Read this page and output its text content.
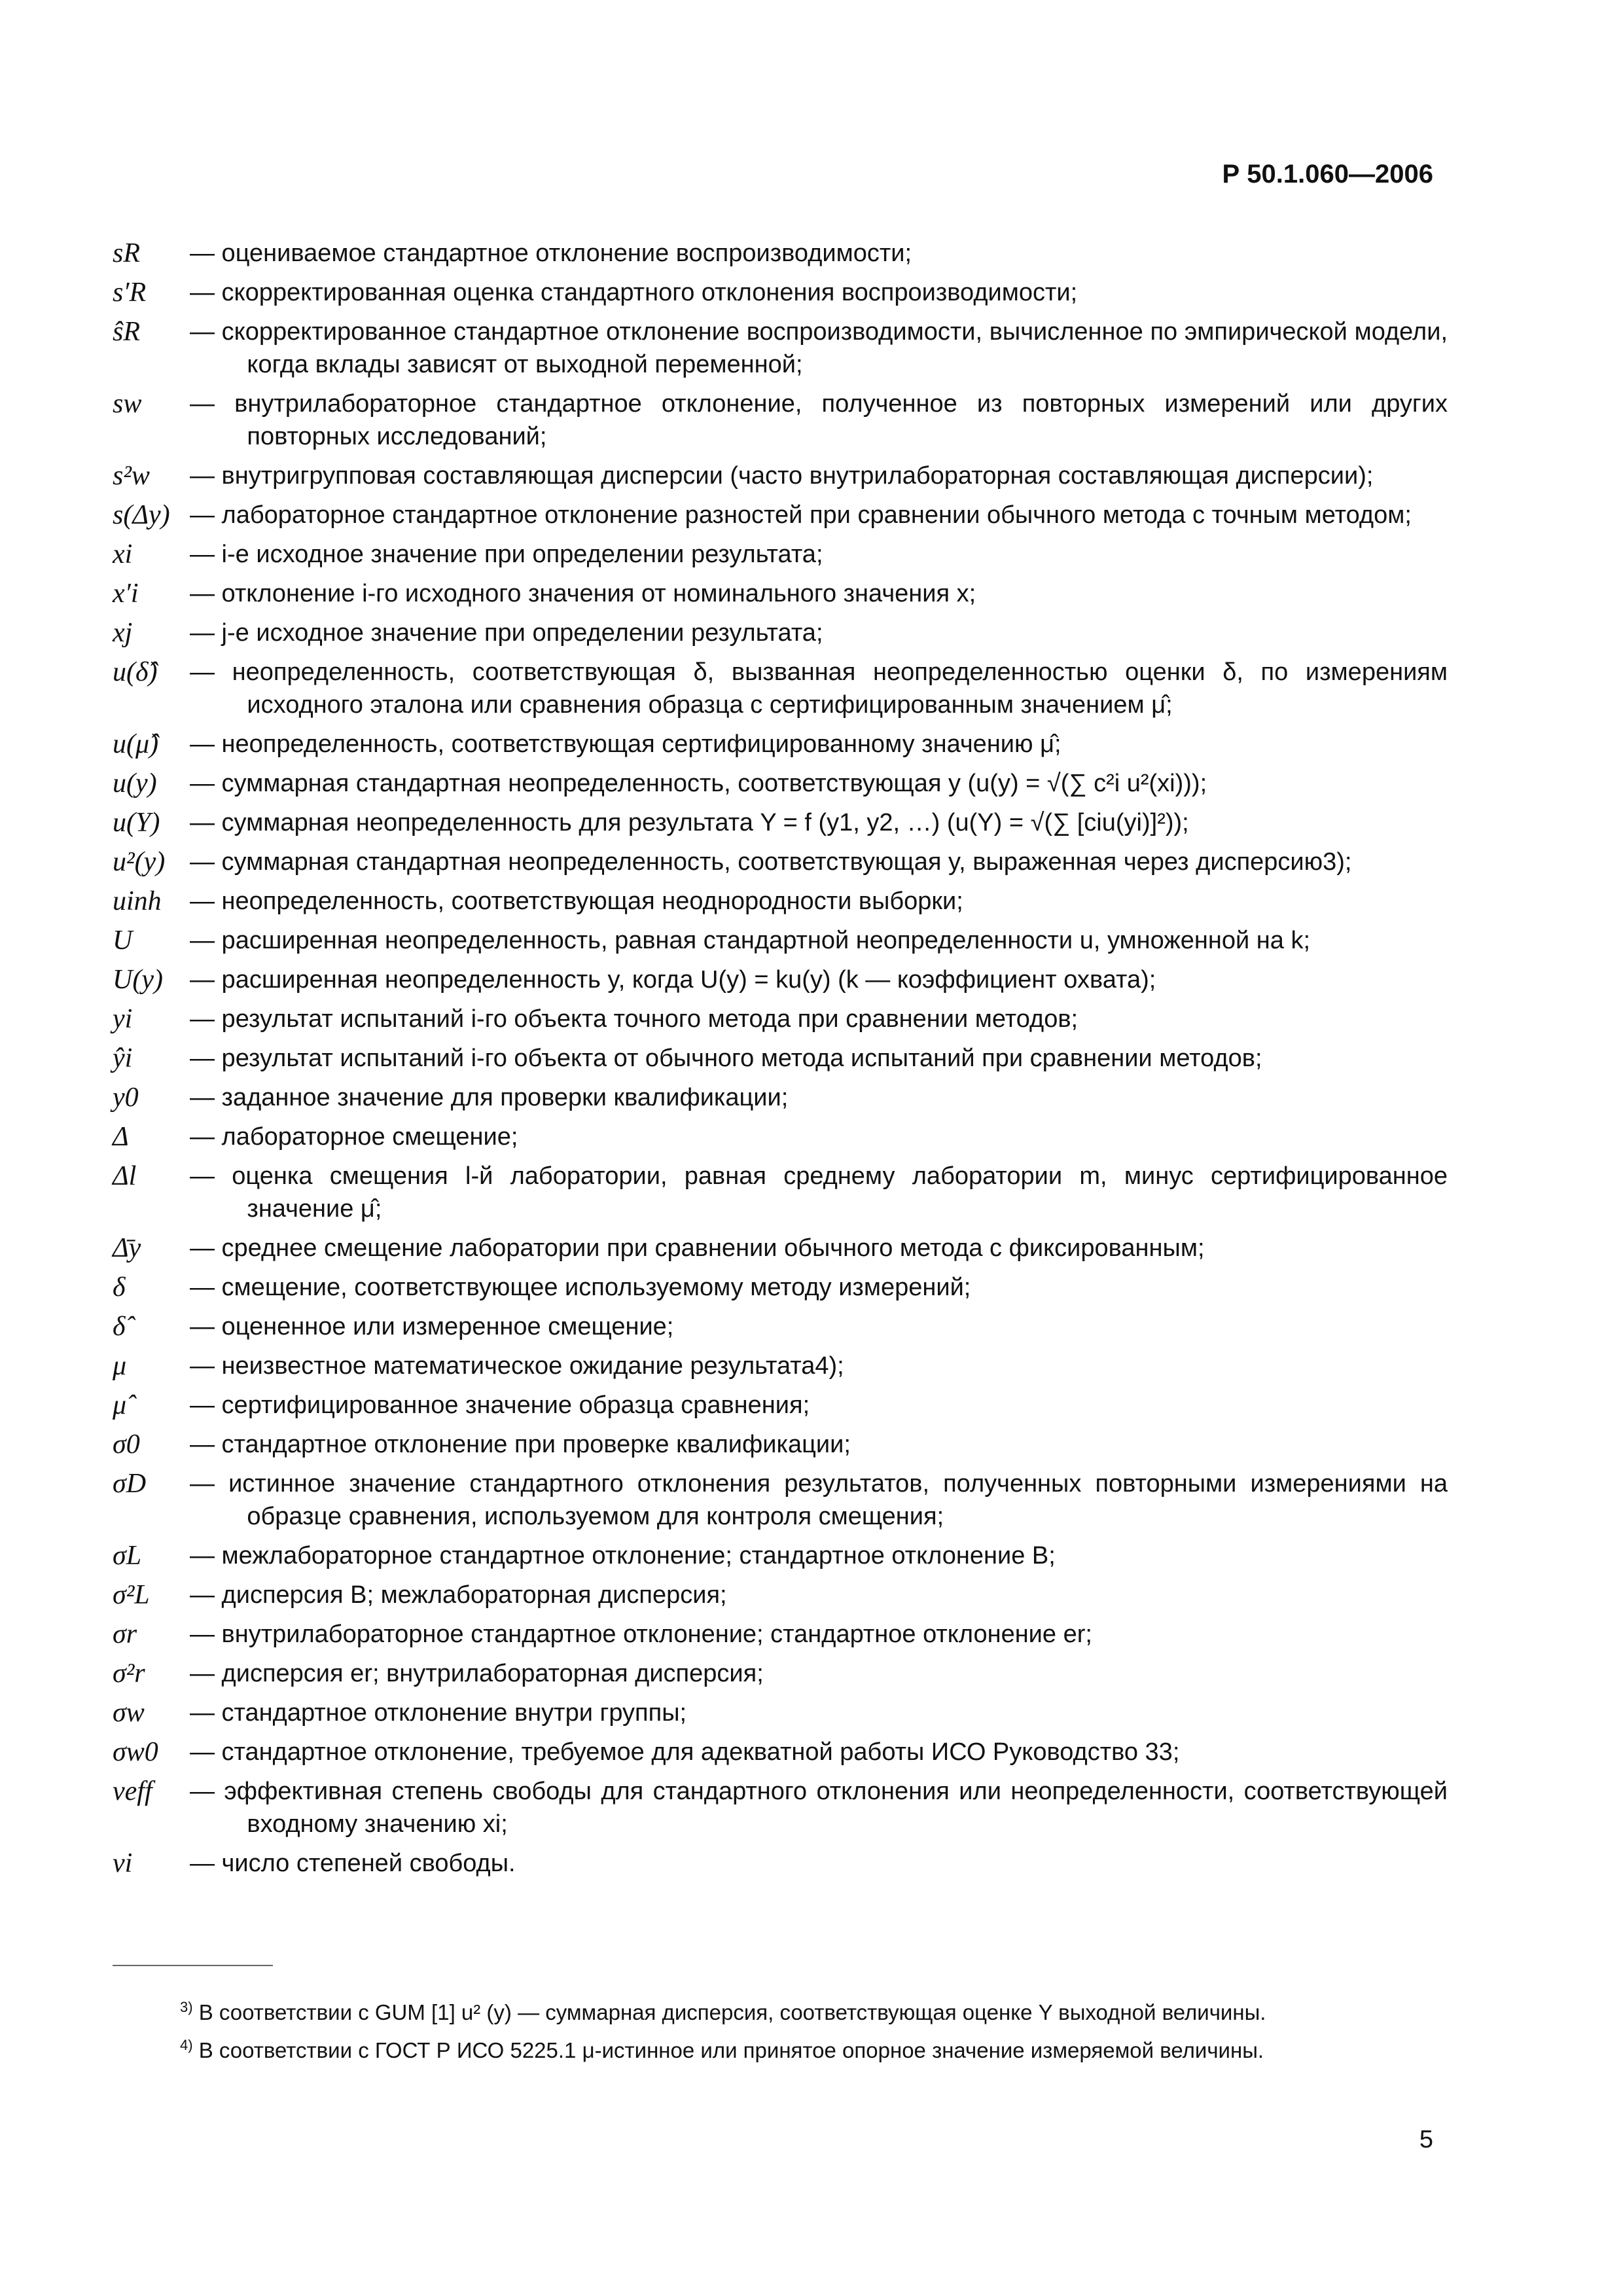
Р 50.1.060—2006
sR	— оцениваемое стандартное отклонение воспроизводимости;
s′R	— скорректированная оценка стандартного отклонения воспроизводимости;
ŝR	— скорректированное стандартное отклонение воспроизводимости, вычисленное по эмпирической модели, когда вклады зависят от выходной переменной;
sw	— внутрилабораторное стандартное отклонение, полученное из повторных измерений или других повторных исследований;
s²w	— внутригрупповая составляющая дисперсии (часто внутрилабораторная составляющая дисперсии);
s(Δy) — лабораторное стандартное отклонение разностей при сравнении обычного метода с точным методом;
xi	— i-е исходное значение при определении результата;
x′i	— отклонение i-го исходного значения от номинального значения x;
xj	— j-е исходное значение при определении результата;
u(δ̂)	— неопределенность, соответствующая δ, вызванная неопределенностью оценки δ, по измерениям исходного эталона или сравнения образца с сертифицированным значением μ̂;
u(μ̂)	— неопределенность, соответствующая сертифицированному значению μ̂;
u(y)	— суммарная стандартная неопределенность, соответствующая y (u(y) = √(∑ c²i u²(xi)));
u(Y)	— суммарная неопределенность для результата Y = f (y1, y2, …) (u(Y) = √(∑ [ciu(yi)]²));
u²(y) — суммарная стандартная неопределенность, соответствующая y, выраженная через дисперсию3);
uinh	— неопределенность, соответствующая неоднородности выборки;
U	— расширенная неопределенность, равная стандартной неопределенности u, умноженной на k;
U(y)	— расширенная неопределенность y, когда U(y) = ku(y) (k — коэффициент охвата);
yi	— результат испытаний i-го объекта точного метода при сравнении методов;
ŷi	— результат испытаний i-го объекта от обычного метода испытаний при сравнении методов;
y0	— заданное значение для проверки квалификации;
Δ	— лабораторное смещение;
Δl	— оценка смещения l-й лаборатории, равная среднему лаборатории m, минус сертифицированное значение μ̂;
Δ̄y	— среднее смещение лаборатории при сравнении обычного метода с фиксированным;
δ	— смещение, соответствующее используемому методу измерений;
δ̂	— оцененное или измеренное смещение;
μ	— неизвестное математическое ожидание результата4);
μ̂	— сертифицированное значение образца сравнения;
σ0	— стандартное отклонение при проверке квалификации;
σD	— истинное значение стандартного отклонения результатов, полученных повторными измерениями на образце сравнения, используемом для контроля смещения;
σL	— межлабораторное стандартное отклонение; стандартное отклонение B;
σ²L	— дисперсия B; межлабораторная дисперсия;
σr	— внутрилабораторное стандартное отклонение; стандартное отклонение er;
σ²r	— дисперсия er; внутрилабораторная дисперсия;
σw	— стандартное отклонение внутри группы;
σw0	— стандартное отклонение, требуемое для адекватной работы ИСО Руководство 33;
νeff	— эффективная степень свободы для стандартного отклонения или неопределенности, соответствующей входному значению xi;
νi	— число степеней свободы.
$^{3)}$ В соответствии с GUM [1] u² (y) — суммарная дисперсия, соответствующая оценке Y выходной величины.
$^{4)}$ В соответствии с ГОСТ Р ИСО 5225.1 μ-истинное или принятое опорное значение измеряемой величины.
5
